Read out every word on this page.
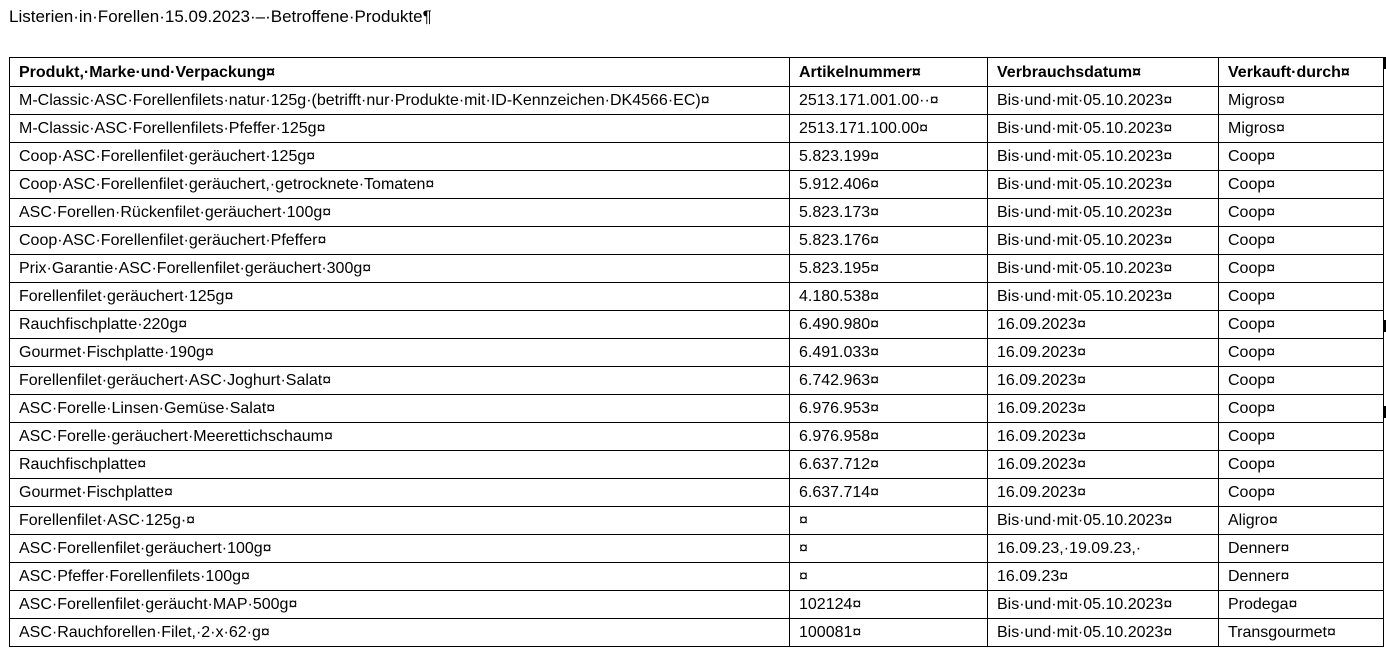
Listerien·in·Forellen·15.09.2023·–·Betroffene·Produkte¶
Produkt,·Marke·und·Verpackung¤	Artikelnummer¤	Verbrauchsdatum¤	Verkauft·durch¤
M-Classic·ASC·Forellenfilets·natur·125g·(betrifft·nur·Produkte·mit·ID-Kennzeichen·DK4566·EC)¤	2513.171.001.00··¤	Bis·und·mit·05.10.2023¤	Migros¤
M-Classic·ASC·Forellenfilets·Pfeffer·125g¤	2513.171.100.00¤	Bis·und·mit·05.10.2023¤	Migros¤
Coop·ASC·Forellenfilet·geräuchert·125g¤	5.823.199¤	Bis·und·mit·05.10.2023¤	Coop¤
Coop·ASC·Forellenfilet·geräuchert,·getrocknete·Tomaten¤	5.912.406¤	Bis·und·mit·05.10.2023¤	Coop¤
ASC·Forellen·Rückenfilet·geräuchert·100g¤	5.823.173¤	Bis·und·mit·05.10.2023¤	Coop¤
Coop·ASC·Forellenfilet·geräuchert·Pfeffer¤	5.823.176¤	Bis·und·mit·05.10.2023¤	Coop¤
Prix·Garantie·ASC·Forellenfilet·geräuchert·300g¤	5.823.195¤	Bis·und·mit·05.10.2023¤	Coop¤
Forellenfilet·geräuchert·125g¤	4.180.538¤	Bis·und·mit·05.10.2023¤	Coop¤
Rauchfischplatte·220g¤	6.490.980¤	16.09.2023¤	Coop¤
Gourmet·Fischplatte·190g¤	6.491.033¤	16.09.2023¤	Coop¤
Forellenfilet·geräuchert·ASC·Joghurt·Salat¤	6.742.963¤	16.09.2023¤	Coop¤
ASC·Forelle·Linsen·Gemüse·Salat¤	6.976.953¤	16.09.2023¤	Coop¤
ASC·Forelle·geräuchert·Meerettichschaum¤	6.976.958¤	16.09.2023¤	Coop¤
Rauchfischplatte¤	6.637.712¤	16.09.2023¤	Coop¤
Gourmet·Fischplatte¤	6.637.714¤	16.09.2023¤	Coop¤
Forellenfilet·ASC·125g·¤	¤	Bis·und·mit·05.10.2023¤	Aligro¤
ASC·Forellenfilet·geräuchert·100g¤	¤	16.09.23,·19.09.23,·	Denner¤
ASC·Pfeffer·Forellenfilets·100g¤	¤	16.09.23¤	Denner¤
ASC·Forellenfilet·geräucht·MAP·500g¤	102124¤	Bis·und·mit·05.10.2023¤	Prodega¤
ASC·Rauchforellen·Filet,·2·x·62·g¤	100081¤	Bis·und·mit·05.10.2023¤	Transgourmet¤
